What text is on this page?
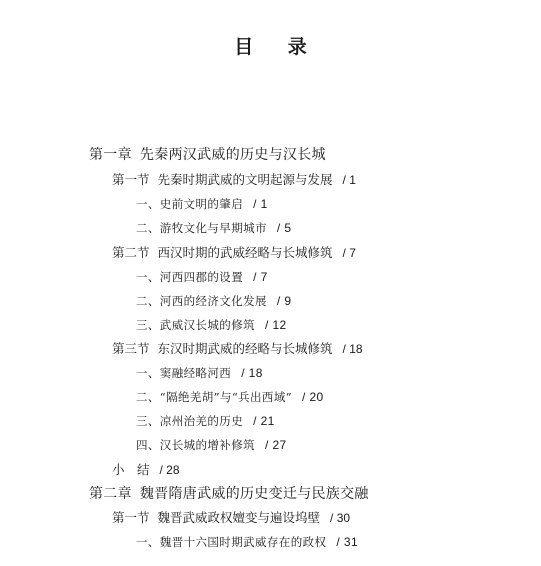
目 录
第一章 先秦两汉武威的历史与汉长城
第一节 先秦时期武威的文明起源与发展 / 1
一、史前文明的肇启 / 1
二、游牧文化与早期城市 / 5
第二节 西汉时期的武威经略与长城修筑 / 7
一、河西四郡的设置 / 7
二、河西的经济文化发展 / 9
三、武威汉长城的修筑 / 12
第三节 东汉时期武威的经略与长城修筑 / 18
一、窦融经略河西 / 18
二、“隔绝羌胡”与“兵出西域” / 20
三、凉州治羌的历史 / 21
四、汉长城的增补修筑 / 27
小　结 / 28
第二章 魏晋隋唐武威的历史变迁与民族交融
第一节 魏晋武威政权嬗变与遍设坞壁 / 30
一、魏晋十六国时期武威存在的政权 / 31
